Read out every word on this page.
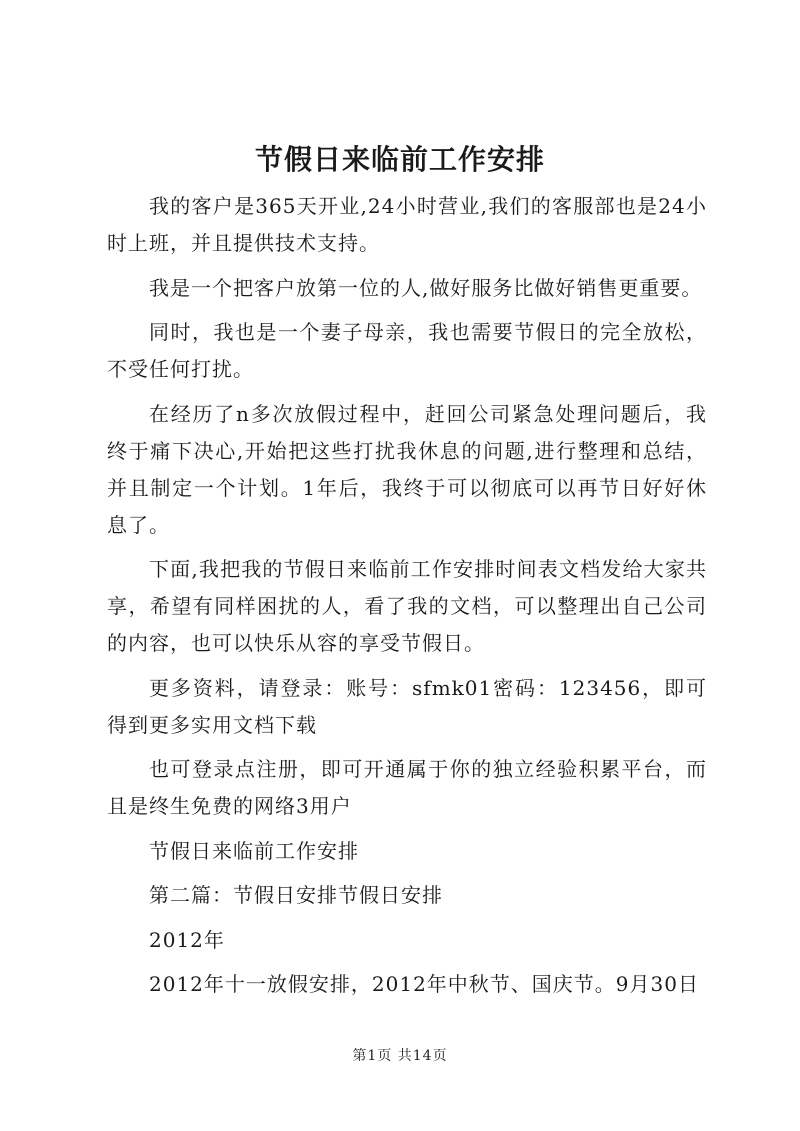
节假日来临前工作安排

我的客户是365天开业,24小时营业,我们的客服部也是24小时上班，并且提供技术支持。

我是一个把客户放第一位的人,做好服务比做好销售更重要。

同时，我也是一个妻子母亲，我也需要节假日的完全放松，不受任何打扰。

在经历了n多次放假过程中，赶回公司紧急处理问题后，我终于痛下决心,开始把这些打扰我休息的问题,进行整理和总结，并且制定一个计划。1年后，我终于可以彻底可以再节日好好休息了。

下面,我把我的节假日来临前工作安排时间表文档发给大家共享，希望有同样困扰的人，看了我的文档，可以整理出自己公司的内容，也可以快乐从容的享受节假日。

更多资料，请登录：账号：sfmk01密码：123456，即可得到更多实用文档下载

也可登录点注册，即可开通属于你的独立经验积累平台，而且是终生免费的网络3用户

节假日来临前工作安排

第二篇：节假日安排节假日安排

2012年

2012年十一放假安排，2012年中秋节、国庆节。9月30日

第1页 共14页
